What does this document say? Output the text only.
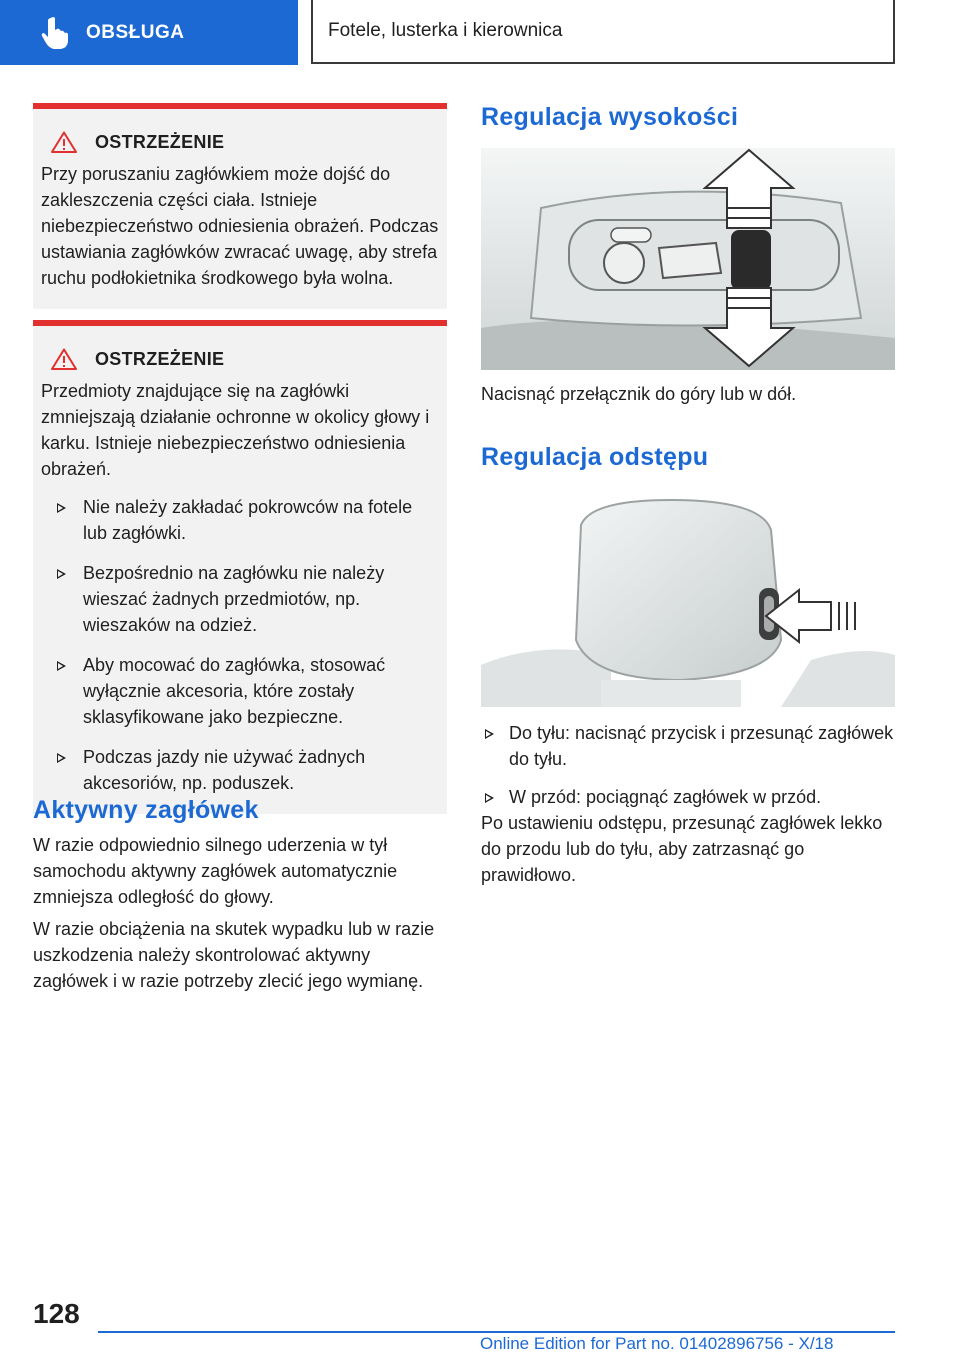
OBSŁUGA	Fotele, lusterka i kierownica
OSTRZEŻENIE

Przy poruszaniu zagłówkiem może dojść do zakleszczenia części ciała. Istnieje niebezpieczeństwo odniesienia obrażeń. Podczas ustawiania zagłówków zwracać uwagę, aby strefa ruchu podłokietnika środkowego była wolna.

OSTRZEŻENIE

Przedmioty znajdujące się na zagłówki zmniejszają działanie ochronne w okolicy głowy i karku. Istnieje niebezpieczeństwo odniesienia obrażeń.

Nie należy zakładać pokrowców na fotele lub zagłówki.
Bezpośrednio na zagłówku nie należy wieszać żadnych przedmiotów, np. wieszaków na odzież.
Aby mocować do zagłówka, stosować wyłącznie akcesoria, które zostały sklasyfikowane jako bezpieczne.
Podczas jazdy nie używać żadnych akcesoriów, np. poduszek.
Aktywny zagłówek

W razie odpowiednio silnego uderzenia w tył samochodu aktywny zagłówek automatycznie zmniejsza odległość do głowy.

W razie obciążenia na skutek wypadku lub w razie uszkodzenia należy skontrolować aktywny zagłówek i w razie potrzeby zlecić jego wymianę.

Regulacja wysokości

Nacisnąć przełącznik do góry lub w dół.

Regulacja odstępu
Do tyłu: nacisnąć przycisk i przesunąć zagłówek do tyłu.
W przód: pociągnąć zagłówek w przód.

Po ustawieniu odstępu, przesunąć zagłówek lekko do przodu lub do tyłu, aby zatrzasnąć go prawidłowo.

128
Online Edition for Part no. 01402896756 - X/18
